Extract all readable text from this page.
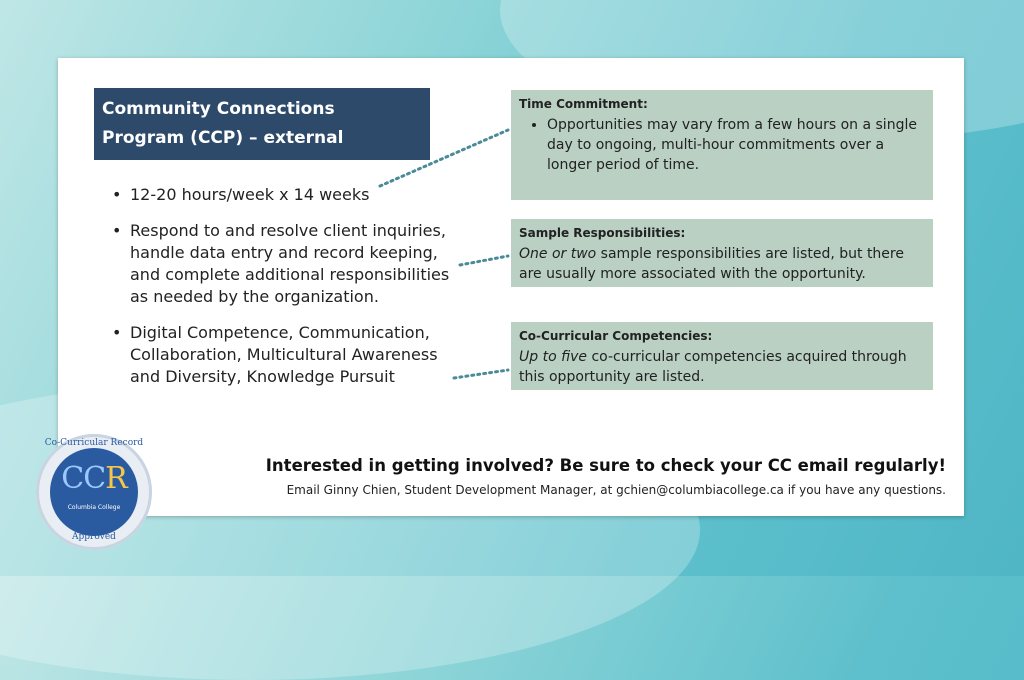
Community Connections Program (CCP) – external
• 12-20 hours/week x 14 weeks
• Respond to and resolve client inquiries, handle data entry and record keeping, and complete additional responsibilities as needed by the organization.
• Digital Competence, Communication, Collaboration, Multicultural Awareness and Diversity, Knowledge Pursuit
Time Commitment:
• Opportunities may vary from a few hours on a single day to ongoing, multi-hour commitments over a longer period of time.
Sample Responsibilities:
One or two sample responsibilities are listed, but there are usually more associated with the opportunity.
Co-Curricular Competencies:
Up to five co-curricular competencies acquired through this opportunity are listed.
Interested in getting involved? Be sure to check your CC email regularly!
Email Ginny Chien, Student Development Manager, at gchien@columbiacollege.ca if you have any questions.
Co-Curricular Record
CCR
Columbia College
Approved
